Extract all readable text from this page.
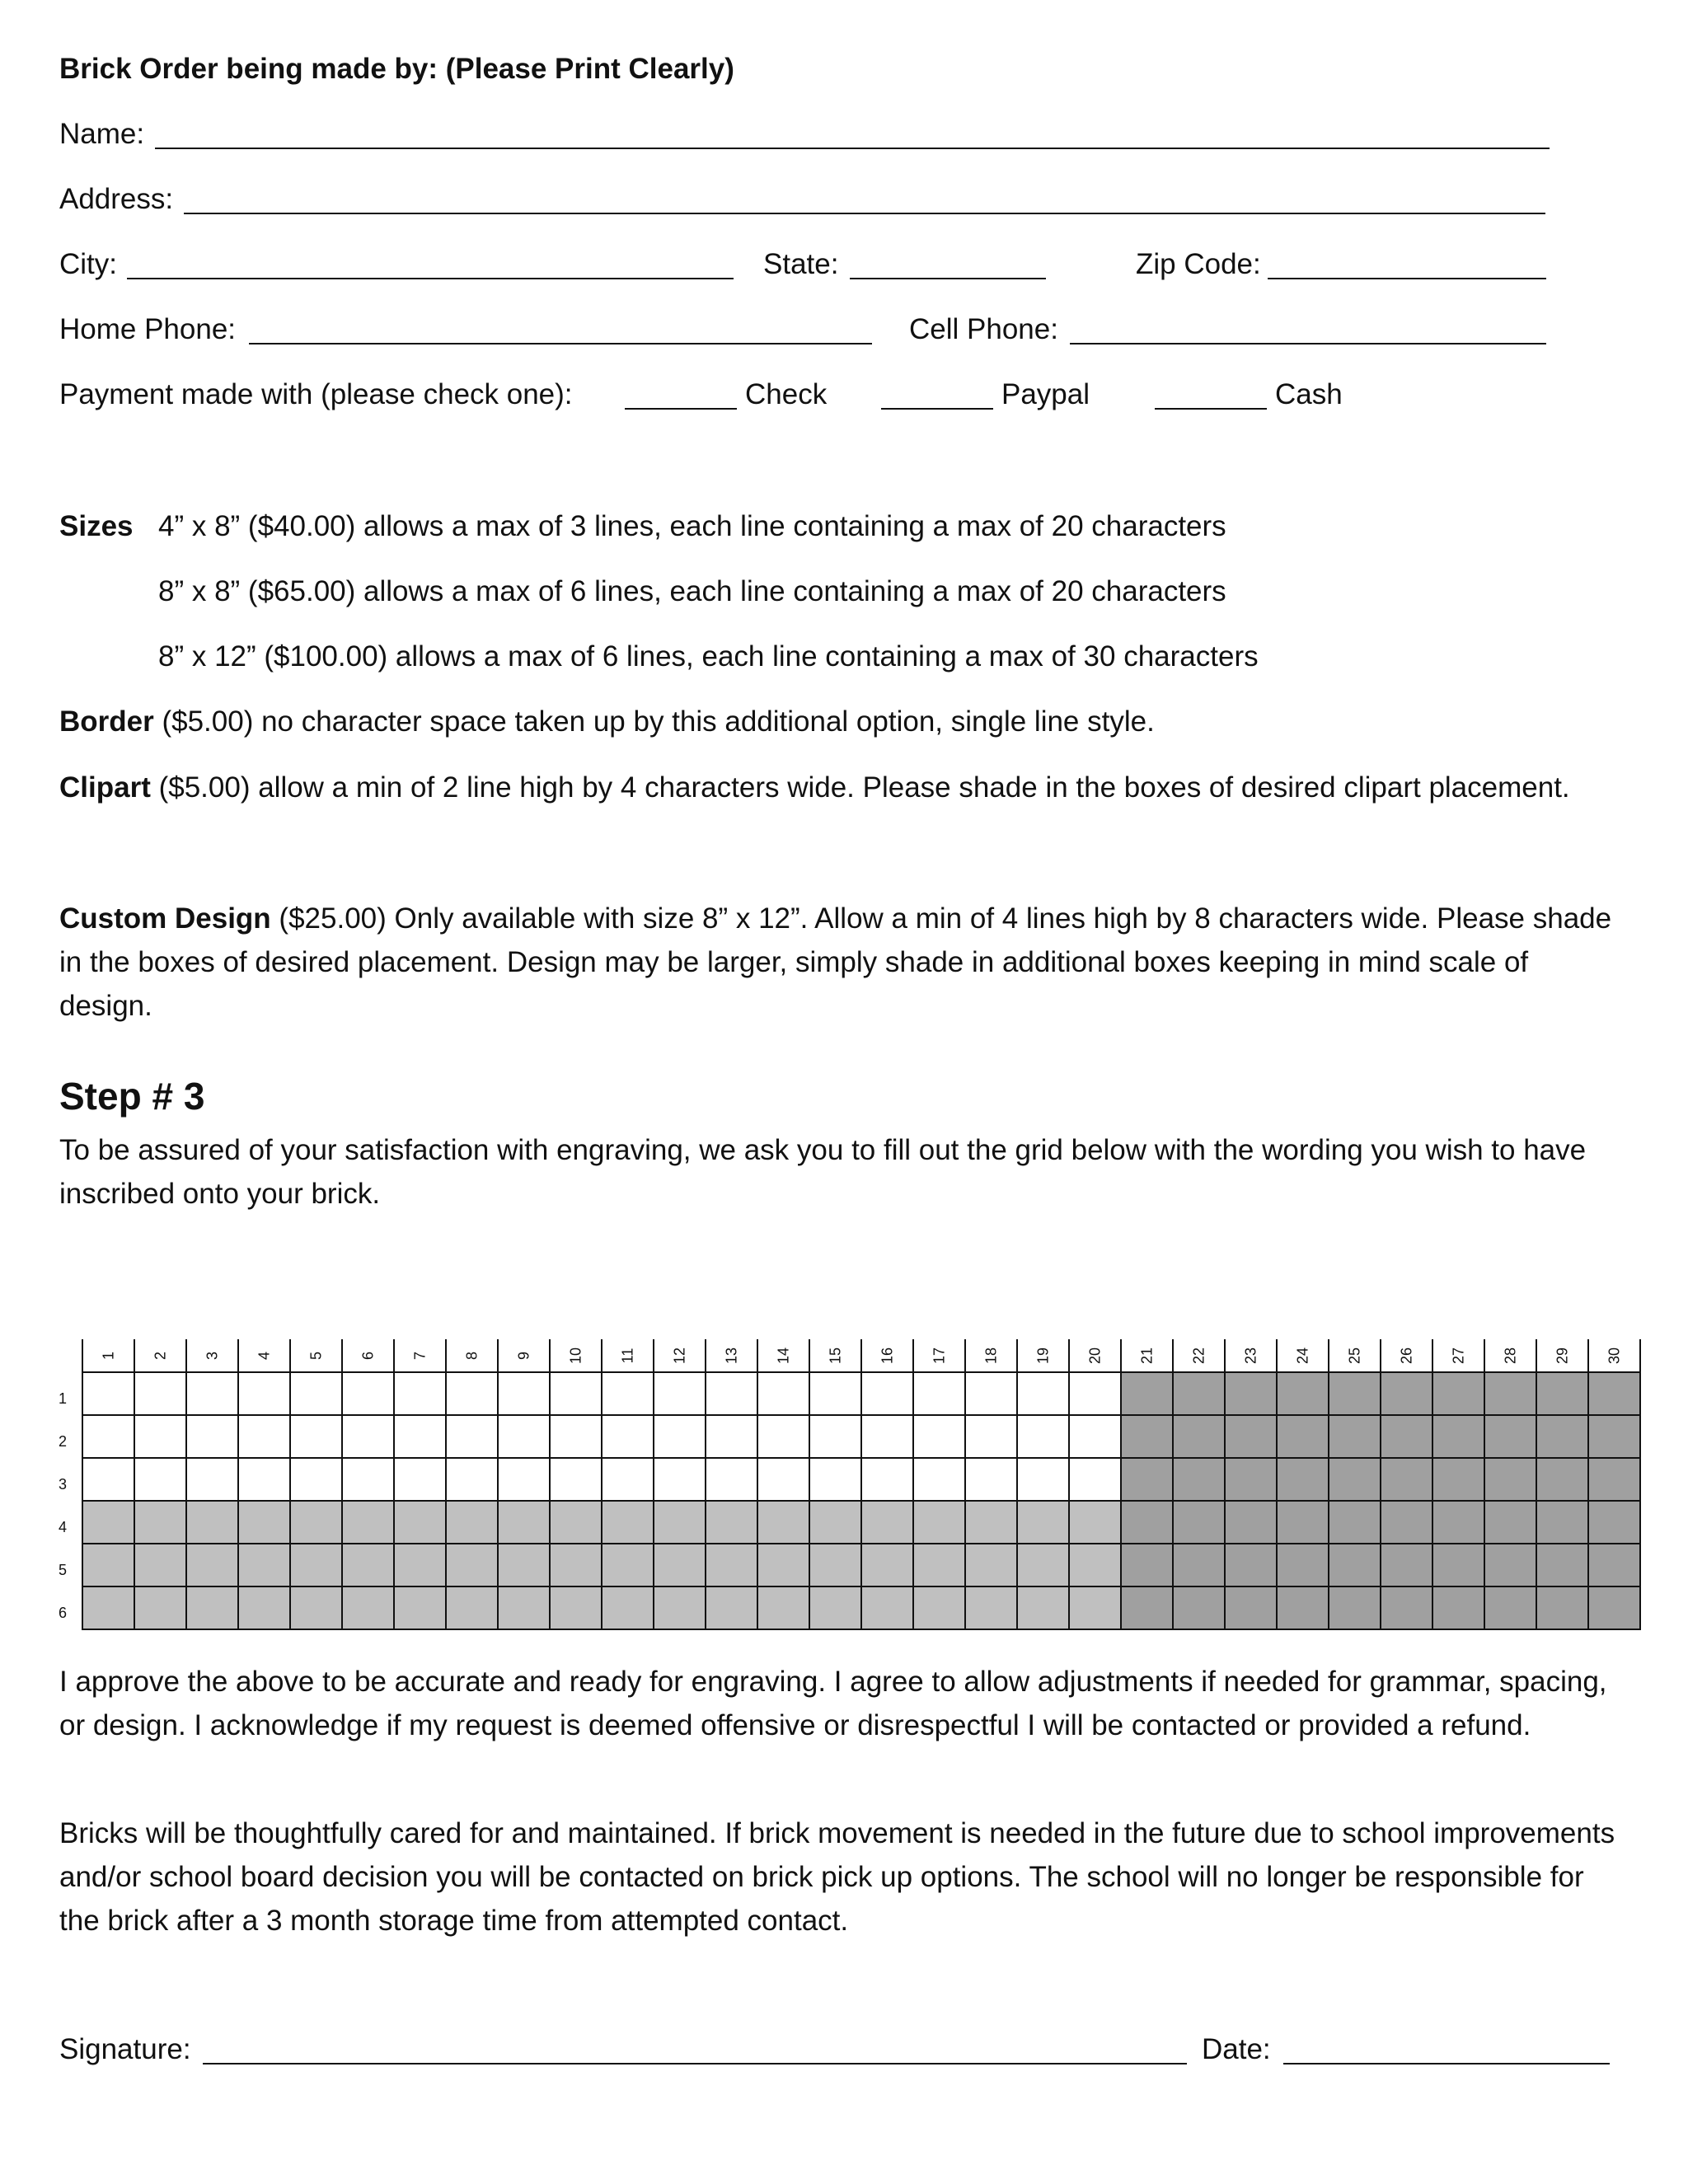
Brick Order being made by: (Please Print Clearly)
Name:
Address:
City:	State:	Zip Code:
Home Phone:	Cell Phone:
Payment made with (please check one):	Check	Paypal	Cash
Sizes 4” x 8” ($40.00) allows a max of 3 lines, each line containing a max of 20 characters
8” x 8” ($65.00) allows a max of 6 lines, each line containing a max of 20 characters
8” x 12” ($100.00) allows a max of 6 lines, each line containing a max of 30 characters
Border ($5.00) no character space taken up by this additional option, single line style.
Clipart ($5.00) allow a min of 2 line high by 4 characters wide. Please shade in the boxes of desired clipart placement.
Custom Design ($25.00) Only available with size 8” x 12”. Allow a min of 4 lines high by 8 characters wide. Please shade in the boxes of desired placement. Design may be larger, simply shade in additional boxes keeping in mind scale of design.
Step # 3
To be assured of your satisfaction with engraving, we ask you to fill out the grid below with the wording you wish to have inscribed onto your brick.
1 2 3 4 5 6 7 8 9 10 11 12 13 14 15 16 17 18 19 20 21 22 23 24 25 26 27 28 29 30
1
2
3
4
5
6
I approve the above to be accurate and ready for engraving. I agree to allow adjustments if needed for grammar, spacing, or design. I acknowledge if my request is deemed offensive or disrespectful I will be contacted or provided a refund.
Bricks will be thoughtfully cared for and maintained. If brick movement is needed in the future due to school improvements and/or school board decision you will be contacted on brick pick up options. The school will no longer be responsible for the brick after a 3 month storage time from attempted contact.
Signature:	Date:
